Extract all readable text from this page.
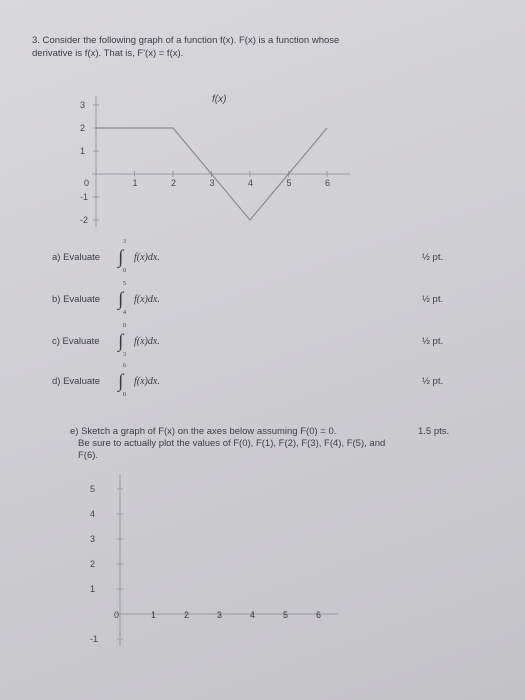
3. Consider the following graph of a function f(x). F(x) is a function whose
derivative is f(x). That is, F'(x) = f(x).
3
2
1
-1
-2
0	1	2	3	4	5	6
f(x)
a) Evaluate ∫
3
0
f(x)dx.	½ pt.
b) Evaluate ∫
5
4
f(x)dx.	½ pt.
c) Evaluate ∫
0
3
f(x)dx.	½ pt.
d) Evaluate ∫
6
0
f(x)dx.	½ pt.
e) Sketch a graph of F(x) on the axes below assuming F(0) = 0.	1.5 pts.
Be sure to actually plot the values of F(0), F(1), F(2), F(3), F(4), F(5), and
F(6).
5
4
3
2
1
-1
0	1	2	3	4	5	6
